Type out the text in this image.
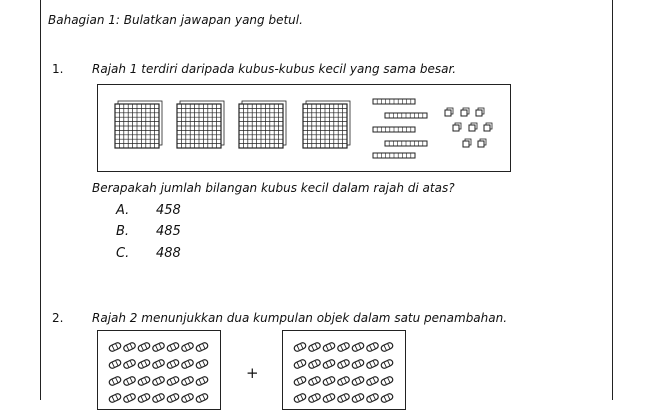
Bahagian 1: Bulatkan jawapan yang betul.
1. Rajah 1 terdiri daripada kubus-kubus kecil yang sama besar.
Berapakah jumlah bilangan kubus kecil dalam rajah di atas?
A. 458
B. 485
C. 488
2. Rajah 2 menunjukkan dua kumpulan objek dalam satu penambahan.
+
